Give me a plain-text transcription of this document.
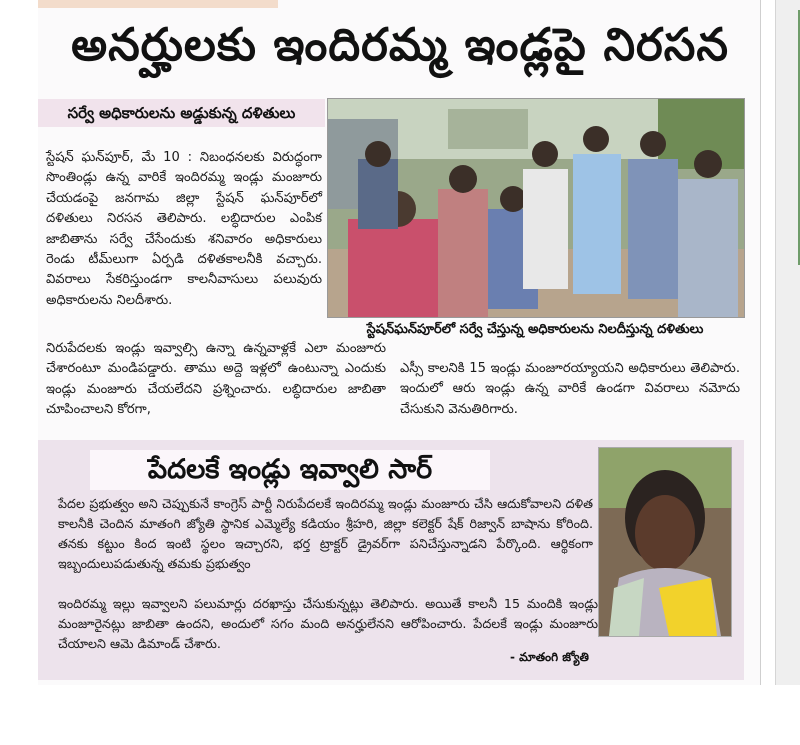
అనర్హులకు ఇందిరమ్మ ఇండ్లపై నిరసన
సర్వే అధికారులను అడ్డుకున్న దళితులు
స్టేషన్‌ఘన్‌పూర్‌లో సర్వే చేస్తున్న అధికారులను నిలదీస్తున్న దళితులు
స్టేషన్ ఘన్‌పూర్, మే 10 : నిబంధనలకు విరుద్ధంగా సొంతిండ్లు ఉన్న వారికే ఇందిరమ్మ ఇండ్లు మంజూరు చేయడంపై జనగామ జిల్లా స్టేషన్ ఘన్‌పూర్‌లో దళితులు నిరసన తెలిపారు. లబ్ధిదారుల ఎంపిక జాబితాను సర్వే చేసేందుకు శనివారం అధికారులు రెండు టీమ్‌లుగా ఏర్పడి దళితకాలనీకి వచ్చారు. వివరాలు సేకరిస్తుండగా కాలనీవాసులు పలువురు అధికారులను నిలదీశారు.
నిరుపేదలకు ఇండ్లు ఇవ్వాల్సి ఉన్నా ఉన్నవాళ్లకే ఎలా మంజూరు చేశారంటూ మండిపడ్డారు. తాము అద్దె ఇళ్లలో ఉంటున్నా ఎందుకు ఇండ్లు మంజూరు చేయలేదని ప్రశ్నించారు. లబ్ధిదారుల జాబితా చూపించాలని కోరగా,
ఎస్సీ కాలనికి 15 ఇండ్లు మంజూరయ్యాయని అధికారులు తెలిపారు. ఇందులో ఆరు ఇండ్లు ఉన్న వారికే ఉండగా వివరాలు నమోదు చేసుకుని వెనుతిరిగారు.
పేదలకే ఇండ్లు ఇవ్వాలి సార్
పేదల ప్రభుత్వం అని చెప్పుకునే కాంగ్రెస్ పార్టీ నిరుపేదలకే ఇందిరమ్మ ఇండ్లు మంజూరు చేసి ఆదుకోవాలని దళిత కాలనీకి చెందిన మాతంగి జ్యోతి స్థానిక ఎమ్మెల్యే కడియం శ్రీహరి, జిల్లా కలెక్టర్ షేక్ రిజ్వాన్ బాషాను కోరింది. తనకు కట్టుం కింద ఇంటి స్థలం ఇచ్చారని, భర్త ట్రాక్టర్ డ్రైవర్‌గా పనిచేస్తున్నాడని పేర్కొంది. ఆర్థికంగా ఇబ్బందులుపడుతున్న తమకు ప్రభుత్వం
ఇందిరమ్మ ఇల్లు ఇవ్వాలని పలుమార్లు దరఖాస్తు చేసుకున్నట్లు తెలిపారు. అయితే కాలనీ 15 మందికి ఇండ్లు మంజూరైనట్లు జాబితా ఉందని, అందులో సగం మంది అనర్హులేనని ఆరోపించారు. పేదలకే ఇండ్లు మంజూరు చేయాలని ఆమె డిమాండ్ చేశారు.
- మాతంగి జ్యోతి
